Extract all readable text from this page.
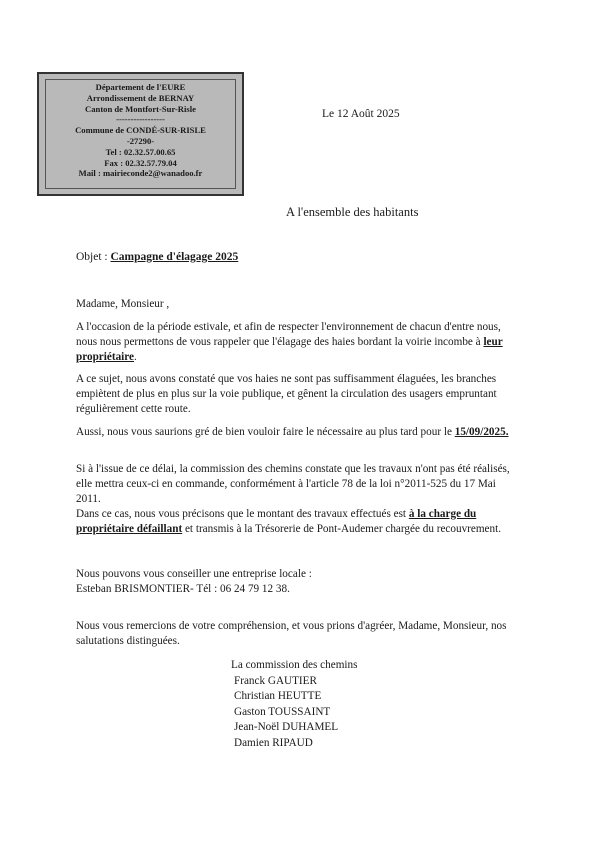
Département de l'EURE
Arrondissement de BERNAY
Canton de Montfort-Sur-Risle
-----------------
Commune de CONDÉ-SUR-RISLE
-27290-
Tel : 02.32.57.00.65
Fax : 02.32.57.79.04
Mail : mairieconde2@wanadoo.fr
Le 12 Août 2025
A l'ensemble des habitants
Objet : Campagne d'élagage 2025
Madame, Monsieur ,
A l'occasion de la période estivale, et afin de respecter l'environnement de chacun d'entre nous, nous nous permettons de vous rappeler que l'élagage des haies bordant la voirie incombe à leur propriétaire.
A ce sujet, nous avons constaté que vos haies ne sont pas suffisamment élaguées, les branches empiètent de plus en plus sur la voie publique, et gênent la circulation des usagers empruntant régulièrement cette route.
Aussi, nous vous saurions gré de bien vouloir faire le nécessaire au plus tard pour le 15/09/2025.
Si à l'issue de ce délai, la commission des chemins constate que les travaux n'ont pas été réalisés, elle mettra ceux-ci en commande, conformément à l'article 78 de la loi n°2011-525 du 17 Mai 2011.
Dans ce cas, nous vous précisons que le montant des travaux effectués est à la charge du propriétaire défaillant et transmis à la Trésorerie de Pont-Audemer chargée du recouvrement.
Nous pouvons vous conseiller une entreprise locale :
Esteban BRISMONTIER- Tél : 06 24 79 12 38.
Nous vous remercions de votre compréhension, et vous prions d'agréer, Madame, Monsieur, nos salutations distinguées.
La commission des chemins
Franck GAUTIER
Christian HEUTTE
Gaston TOUSSAINT
Jean-Noël DUHAMEL
Damien RIPAUD
